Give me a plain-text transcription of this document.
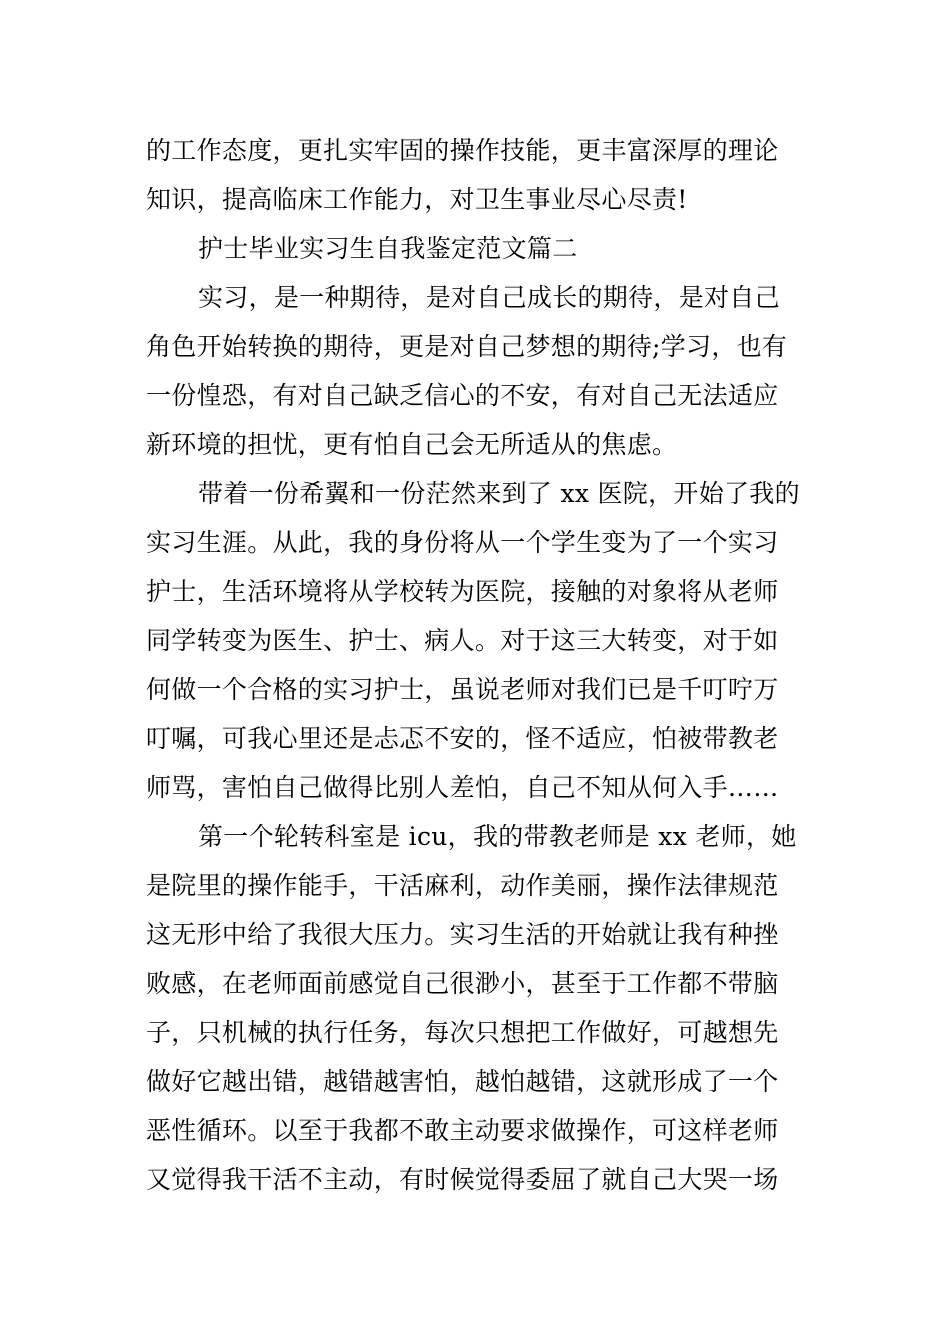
的工作态度，更扎实牢固的操作技能，更丰富深厚的理论
知识，提高临床工作能力，对卫生事业尽心尽责!
护士毕业实习生自我鉴定范文篇二
实习，是一种期待，是对自己成长的期待，是对自己
角色开始转换的期待，更是对自己梦想的期待;学习，也有
一份惶恐，有对自己缺乏信心的不安，有对自己无法适应
新环境的担忧，更有怕自己会无所适从的焦虑。
带着一份希翼和一份茫然来到了 xx 医院，开始了我的
实习生涯。从此，我的身份将从一个学生变为了一个实习
护士，生活环境将从学校转为医院，接触的对象将从老师
同学转变为医生、护士、病人。对于这三大转变，对于如
何做一个合格的实习护士，虽说老师对我们已是千叮咛万
叮嘱，可我心里还是忐忑不安的，怪不适应，怕被带教老
师骂，害怕自己做得比别人差怕，自己不知从何入手……
第一个轮转科室是 icu，我的带教老师是 xx 老师，她
是院里的操作能手，干活麻利，动作美丽，操作法律规范
这无形中给了我很大压力。实习生活的开始就让我有种挫
败感，在老师面前感觉自己很渺小，甚至于工作都不带脑
子，只机械的执行任务，每次只想把工作做好，可越想先
做好它越出错，越错越害怕，越怕越错，这就形成了一个
恶性循环。以至于我都不敢主动要求做操作，可这样老师
又觉得我干活不主动，有时候觉得委屈了就自己大哭一场
